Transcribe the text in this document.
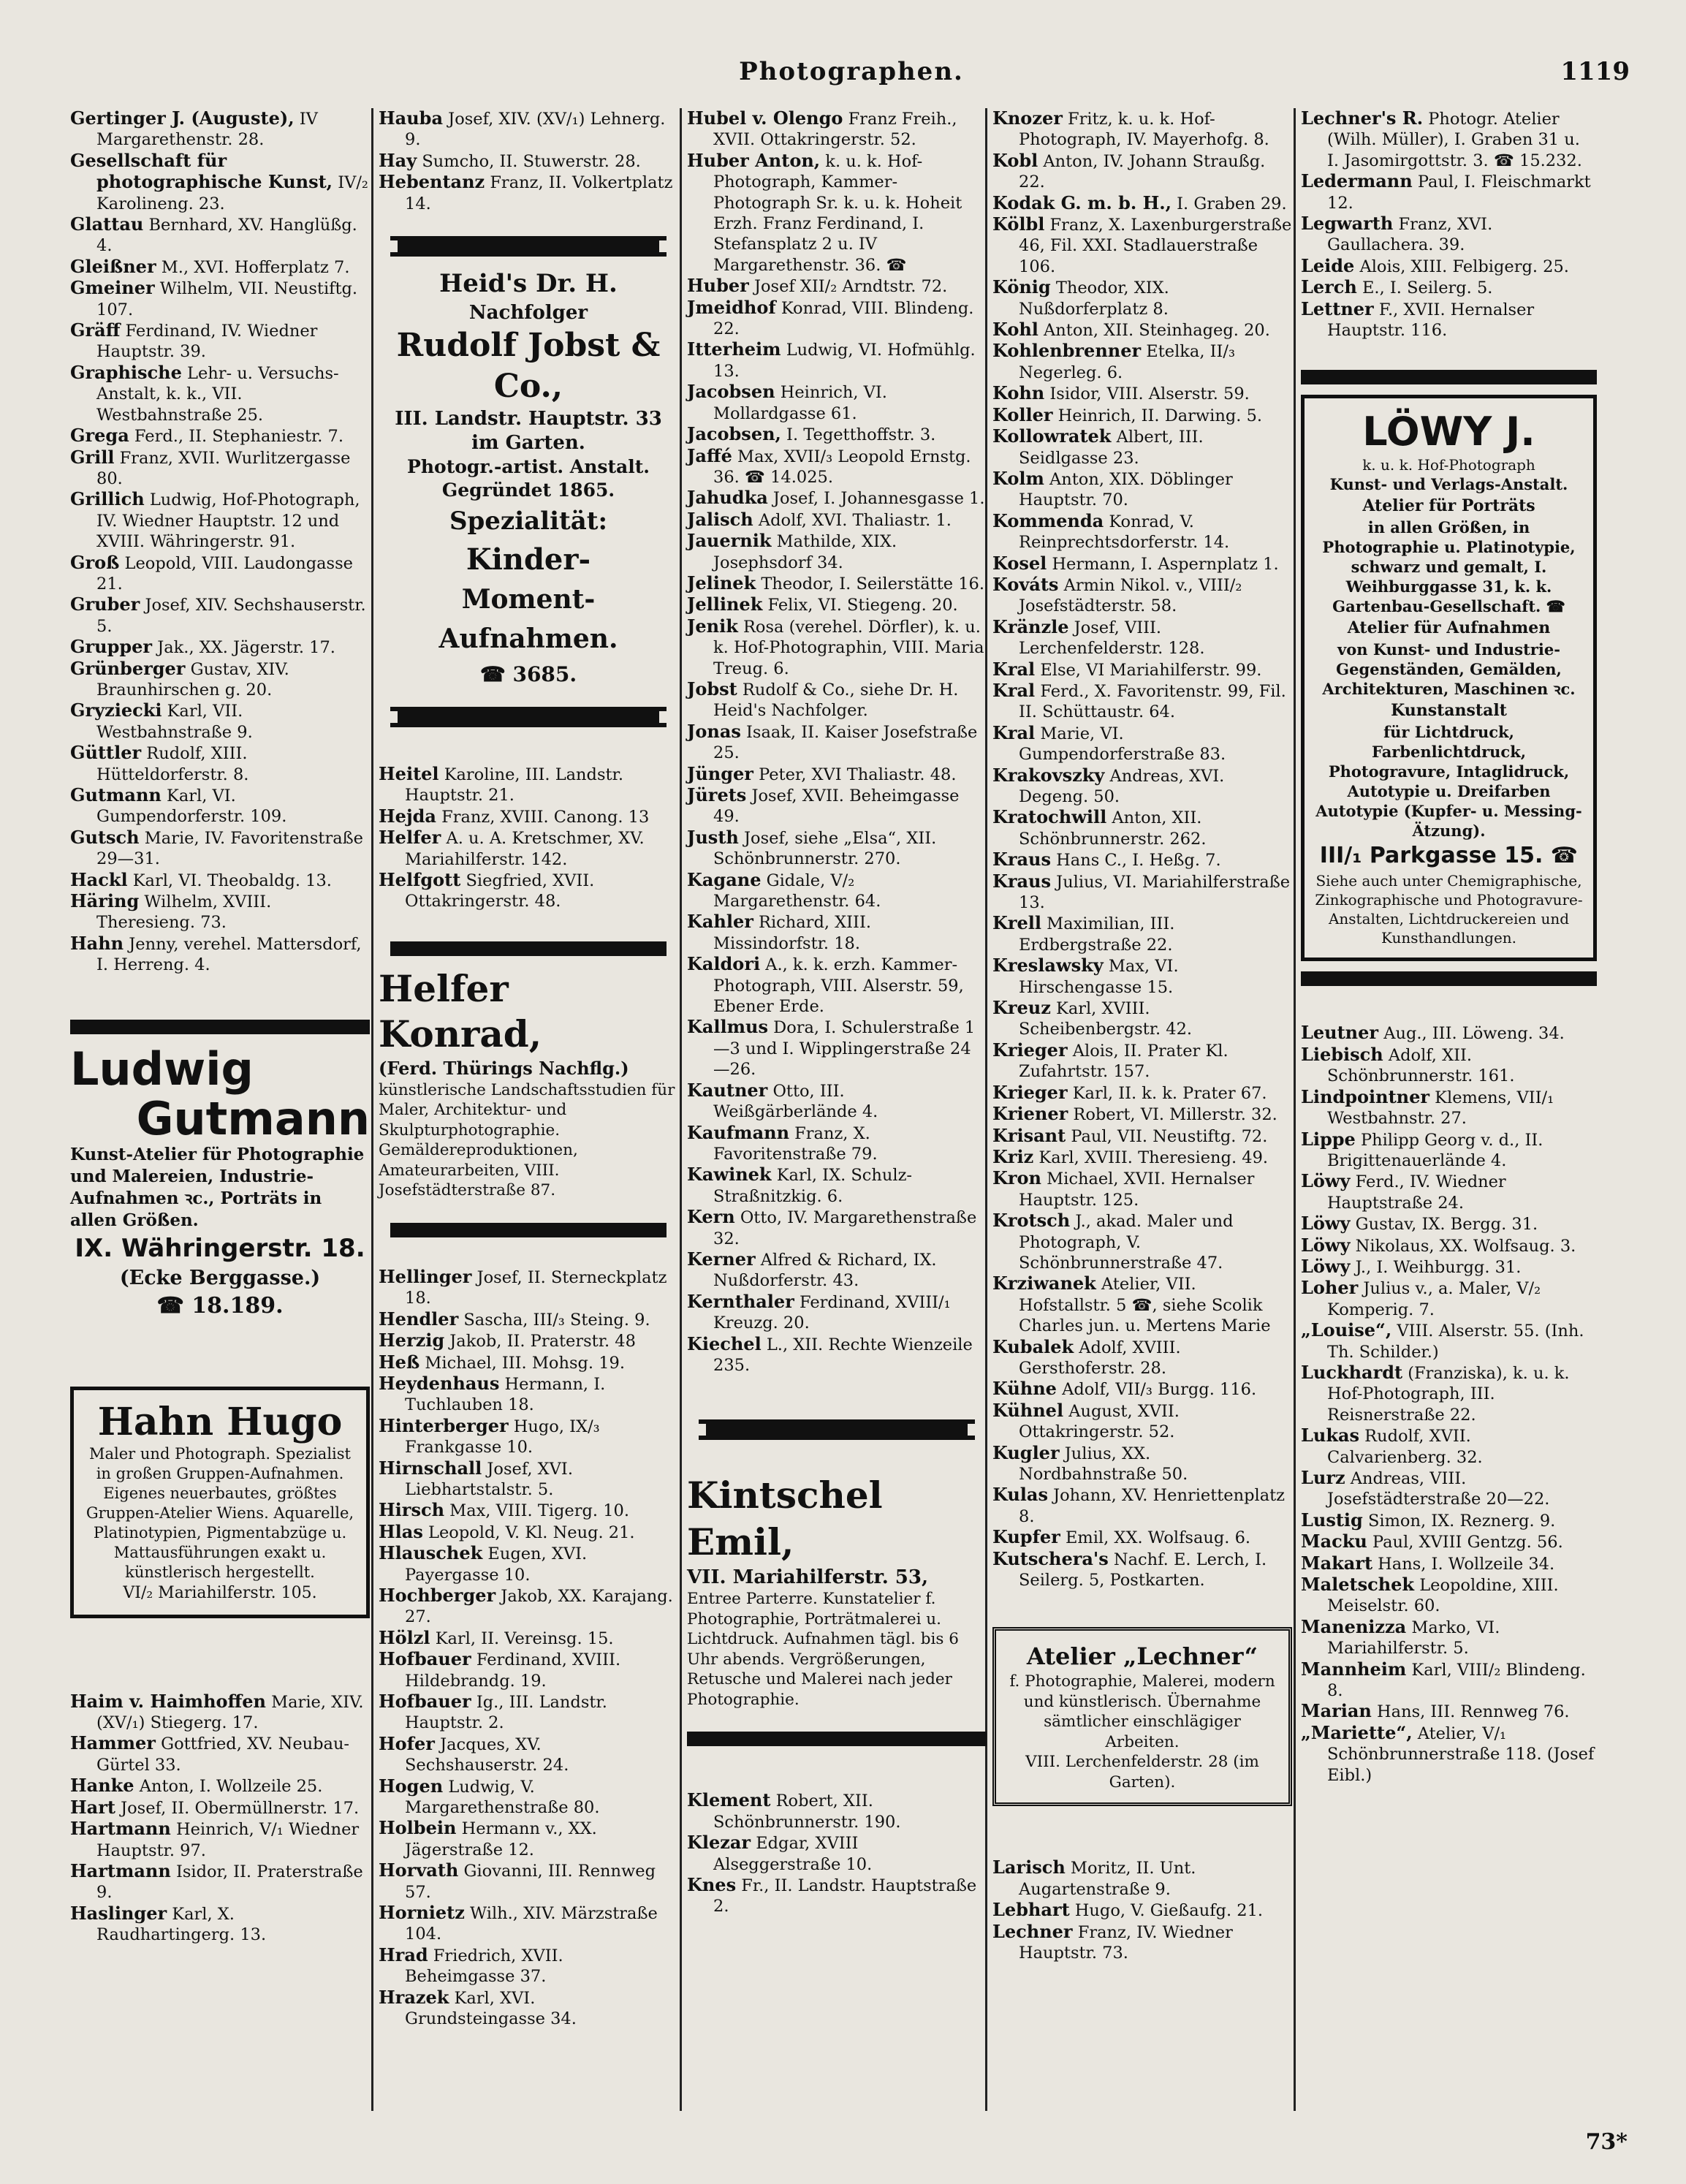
Photographen.	1119
Gertinger J. (Auguste), IV Margarethenstr. 28.
Gesellschaft für photographische Kunst, IV/₂ Karolineng. 23.
Glattau Bernhard, XV. Hanglüßg. 4.
Gleißner M., XVI. Hofferplatz 7.
Gmeiner Wilhelm, VII. Neustiftg. 107.
Gräff Ferdinand, IV. Wiedner Hauptstr. 39.
Graphische Lehr- u. Versuchs-Anstalt, k. k., VII. Westbahnstraße 25.
Grega Ferd., II. Stephaniestr. 7.
Grill Franz, XVII. Wurlitzergasse 80.
Grillich Ludwig, Hof-Photograph, IV. Wiedner Hauptstr. 12 und XVIII. Währingerstr. 91.
Groß Leopold, VIII. Laudongasse 21.
Gruber Josef, XIV. Sechshauserstr. 5.
Grupper Jak., XX. Jägerstr. 17.
Grünberger Gustav, XIV. Braunhirschen g. 20.
Gryziecki Karl, VII. Westbahnstraße 9.
Güttler Rudolf, XIII. Hütteldorferstr. 8.
Gutmann Karl, VI. Gumpendorferstr. 109.
Gutsch Marie, IV. Favoritenstraße 29—31.
Hackl Karl, VI. Theobaldg. 13.
Häring Wilhelm, XVIII. Theresieng. 73.
Hahn Jenny, verehel. Mattersdorf, I. Herreng. 4.
Ludwig
Gutmann
Kunst-Atelier für Photographie und Malereien, Industrie-Aufnahmen ꝛc., Porträts in allen Größen.
IX. Währingerstr. 18.
(Ecke Berggasse.)
☎ 18.189.
Hahn Hugo
Maler und Photograph. Spezialist in großen Gruppen-Aufnahmen. Eigenes neuerbautes, größtes Gruppen-Atelier Wiens. Aquarelle, Platinotypien, Pigmentabzüge u. Mattausführungen exakt u. künstlerisch hergestellt.
VI/₂ Mariahilferstr. 105.
Haim v. Haimhoffen Marie, XIV. (XV/₁) Stiegerg. 17.
Hammer Gottfried, XV. Neubau-Gürtel 33.
Hanke Anton, I. Wollzeile 25.
Hart Josef, II. Obermüllnerstr. 17.
Hartmann Heinrich, V/₁ Wiedner Hauptstr. 97.
Hartmann Isidor, II. Praterstraße 9.
Haslinger Karl, X. Raudhartingerg. 13.
Hauba Josef, XIV. (XV/₁) Lehnerg. 9.
Hay Sumcho, II. Stuwerstr. 28.
Hebentanz Franz, II. Volkertplatz 14.
Heid's Dr. H.
Nachfolger
Rudolf Jobst & Co.,
III. Landstr. Hauptstr. 33 im Garten.
Photogr.-artist. Anstalt. Gegründet 1865.
Spezialität:
Kinder-
Moment-Aufnahmen.
☎ 3685.
Heitel Karoline, III. Landstr. Hauptstr. 21.
Hejda Franz, XVIII. Canong. 13
Helfer A. u. A. Kretschmer, XV. Mariahilferstr. 142.
Helfgott Siegfried, XVII. Ottakringerstr. 48.
Helfer Konrad,
(Ferd. Thürings Nachflg.)
künstlerische Landschaftsstudien für Maler, Architektur- und Skulpturphotographie. Gemäldereproduktionen, Amateurarbeiten, VIII. Josefstädterstraße 87.
Hellinger Josef, II. Sterneckplatz 18.
Hendler Sascha, III/₃ Steing. 9.
Herzig Jakob, II. Praterstr. 48
Heß Michael, III. Mohsg. 19.
Heydenhaus Hermann, I. Tuchlauben 18.
Hinterberger Hugo, IX/₃ Frankgasse 10.
Hirnschall Josef, XVI. Liebhartstalstr. 5.
Hirsch Max, VIII. Tigerg. 10.
Hlas Leopold, V. Kl. Neug. 21.
Hlauschek Eugen, XVI. Payergasse 10.
Hochberger Jakob, XX. Karajang. 27.
Hölzl Karl, II. Vereinsg. 15.
Hofbauer Ferdinand, XVIII. Hildebrandg. 19.
Hofbauer Ig., III. Landstr. Hauptstr. 2.
Hofer Jacques, XV. Sechshauserstr. 24.
Hogen Ludwig, V. Margarethenstraße 80.
Holbein Hermann v., XX. Jägerstraße 12.
Horvath Giovanni, III. Rennweg 57.
Hornietz Wilh., XIV. Märzstraße 104.
Hrad Friedrich, XVII. Beheimgasse 37.
Hrazek Karl, XVI. Grundsteingasse 34.
Hubel v. Olengo Franz Freih., XVII. Ottakringerstr. 52.
Huber Anton, k. u. k. Hof-Photograph, Kammer-Photograph Sr. k. u. k. Hoheit Erzh. Franz Ferdinand, I. Stefansplatz 2 u. IV Margarethenstr. 36. ☎
Huber Josef XII/₂ Arndtstr. 72.
Jmeidhof Konrad, VIII. Blindeng. 22.
Itterheim Ludwig, VI. Hofmühlg. 13.
Jacobsen Heinrich, VI. Mollardgasse 61.
Jacobsen, I. Tegetthoffstr. 3.
Jaffé Max, XVII/₃ Leopold Ernstg. 36. ☎ 14.025.
Jahudka Josef, I. Johannesgasse 1.
Jalisch Adolf, XVI. Thaliastr. 1.
Jauernik Mathilde, XIX. Josephsdorf 34.
Jelinek Theodor, I. Seilerstätte 16.
Jellinek Felix, VI. Stiegeng. 20.
Jenik Rosa (verehel. Dörfler), k. u. k. Hof-Photographin, VIII. Maria Treug. 6.
Jobst Rudolf & Co., siehe Dr. H. Heid's Nachfolger.
Jonas Isaak, II. Kaiser Josefstraße 25.
Jünger Peter, XVI Thaliastr. 48.
Jürets Josef, XVII. Beheimgasse 49.
Justh Josef, siehe „Elsa“, XII. Schönbrunnerstr. 270.
Kagane Gidale, V/₂ Margarethenstr. 64.
Kahler Richard, XIII. Missindorfstr. 18.
Kaldori A., k. k. erzh. Kammer-Photograph, VIII. Alserstr. 59, Ebener Erde.
Kallmus Dora, I. Schulerstraße 1—3 und I. Wipplingerstraße 24—26.
Kautner Otto, III. Weißgärberlände 4.
Kaufmann Franz, X. Favoritenstraße 79.
Kawinek Karl, IX. Schulz-Straßnitzkig. 6.
Kern Otto, IV. Margarethenstraße 32.
Kerner Alfred & Richard, IX. Nußdorferstr. 43.
Kernthaler Ferdinand, XVIII/₁ Kreuzg. 20.
Kiechel L., XII. Rechte Wienzeile 235.
Kintschel Emil,
VII. Mariahilferstr. 53,
Entree Parterre. Kunstatelier f. Photographie, Porträtmalerei u. Lichtdruck. Aufnahmen tägl. bis 6 Uhr abends. Vergrößerungen, Retusche und Malerei nach jeder Photographie.
Klement Robert, XII. Schönbrunnerstr. 190.
Klezar Edgar, XVIII Alseggerstraße 10.
Knes Fr., II. Landstr. Hauptstraße 2.
Knozer Fritz, k. u. k. Hof-Photograph, IV. Mayerhofg. 8.
Kobl Anton, IV. Johann Straußg. 22.
Kodak G. m. b. H., I. Graben 29.
Kölbl Franz, X. Laxenburgerstraße 46, Fil. XXI. Stadlauerstraße 106.
König Theodor, XIX. Nußdorferplatz 8.
Kohl Anton, XII. Steinhageg. 20.
Kohlenbrenner Etelka, II/₃ Negerleg. 6.
Kohn Isidor, VIII. Alserstr. 59.
Koller Heinrich, II. Darwing. 5.
Kollowratek Albert, III. Seidlgasse 23.
Kolm Anton, XIX. Döblinger Hauptstr. 70.
Kommenda Konrad, V. Reinprechtsdorferstr. 14.
Kosel Hermann, I. Aspernplatz 1.
Kováts Armin Nikol. v., VIII/₂ Josefstädterstr. 58.
Kränzle Josef, VIII. Lerchenfelderstr. 128.
Kral Else, VI Mariahilferstr. 99.
Kral Ferd., X. Favoritenstr. 99, Fil. II. Schüttaustr. 64.
Kral Marie, VI. Gumpendorferstraße 83.
Krakovszky Andreas, XVI. Degeng. 50.
Kratochwill Anton, XII. Schönbrunnerstr. 262.
Kraus Hans C., I. Heßg. 7.
Kraus Julius, VI. Mariahilferstraße 13.
Krell Maximilian, III. Erdbergstraße 22.
Kreslawsky Max, VI. Hirschengasse 15.
Kreuz Karl, XVIII. Scheibenbergstr. 42.
Krieger Alois, II. Prater Kl. Zufahrtstr. 157.
Krieger Karl, II. k. k. Prater 67.
Kriener Robert, VI. Millerstr. 32.
Krisant Paul, VII. Neustiftg. 72.
Kriz Karl, XVIII. Theresieng. 49.
Kron Michael, XVII. Hernalser Hauptstr. 125.
Krotsch J., akad. Maler und Photograph, V. Schönbrunnerstraße 47.
Krziwanek Atelier, VII. Hofstallstr. 5 ☎, siehe Scolik Charles jun. u. Mertens Marie
Kubalek Adolf, XVIII. Gersthoferstr. 28.
Kühne Adolf, VII/₃ Burgg. 116.
Kühnel August, XVII. Ottakringerstr. 52.
Kugler Julius, XX. Nordbahnstraße 50.
Kulas Johann, XV. Henriettenplatz 8.
Kupfer Emil, XX. Wolfsaug. 6.
Kutschera's Nachf. E. Lerch, I. Seilerg. 5, Postkarten.
Atelier „Lechner“
f. Photographie, Malerei, modern und künstlerisch. Übernahme sämtlicher einschlägiger Arbeiten.
VIII. Lerchenfelderstr. 28 (im Garten).
Larisch Moritz, II. Unt. Augartenstraße 9.
Lebhart Hugo, V. Gießaufg. 21.
Lechner Franz, IV. Wiedner Hauptstr. 73.
Lechner's R. Photogr. Atelier (Wilh. Müller), I. Graben 31 u. I. Jasomirgottstr. 3. ☎ 15.232.
Ledermann Paul, I. Fleischmarkt 12.
Legwarth Franz, XVI. Gaullachera. 39.
Leide Alois, XIII. Felbigerg. 25.
Lerch E., I. Seilerg. 5.
Lettner F., XVII. Hernalser Hauptstr. 116.
LÖWY J.
k. u. k. Hof-Photograph
Kunst- und Verlags-Anstalt.
Atelier für Porträts
in allen Größen, in Photographie u. Platinotypie, schwarz und gemalt, I. Weihburggasse 31, k. k. Gartenbau-Gesellschaft. ☎
Atelier für Aufnahmen
von Kunst- und Industrie-Gegenständen, Gemälden, Architekturen, Maschinen ꝛc.
Kunstanstalt
für Lichtdruck, Farbenlichtdruck, Photogravure, Intaglidruck, Autotypie u. Dreifarben Autotypie (Kupfer- u. Messing-Ätzung).
III/₁ Parkgasse 15. ☎
Siehe auch unter Chemigraphische, Zinkographische und Photogravure-Anstalten, Lichtdruckereien und Kunsthandlungen.
Leutner Aug., III. Löweng. 34.
Liebisch Adolf, XII. Schönbrunnerstr. 161.
Lindpointner Klemens, VII/₁ Westbahnstr. 27.
Lippe Philipp Georg v. d., II. Brigittenauerlände 4.
Löwy Ferd., IV. Wiedner Hauptstraße 24.
Löwy Gustav, IX. Bergg. 31.
Löwy Nikolaus, XX. Wolfsaug. 3.
Löwy J., I. Weihburgg. 31.
Loher Julius v., a. Maler, V/₂ Komperig. 7.
„Louise“, VIII. Alserstr. 55. (Inh. Th. Schilder.)
Luckhardt (Franziska), k. u. k. Hof-Photograph, III. Reisnerstraße 22.
Lukas Rudolf, XVII. Calvarienberg. 32.
Lurz Andreas, VIII. Josefstädterstraße 20—22.
Lustig Simon, IX. Reznerg. 9.
Macku Paul, XVIII Gentzg. 56.
Makart Hans, I. Wollzeile 34.
Maletschek Leopoldine, XIII. Meiselstr. 60.
Manenizza Marko, VI. Mariahilferstr. 5.
Mannheim Karl, VIII/₂ Blindeng. 8.
Marian Hans, III. Rennweg 76.
„Mariette“, Atelier, V/₁ Schönbrunnerstraße 118. (Josef Eibl.)
73*
